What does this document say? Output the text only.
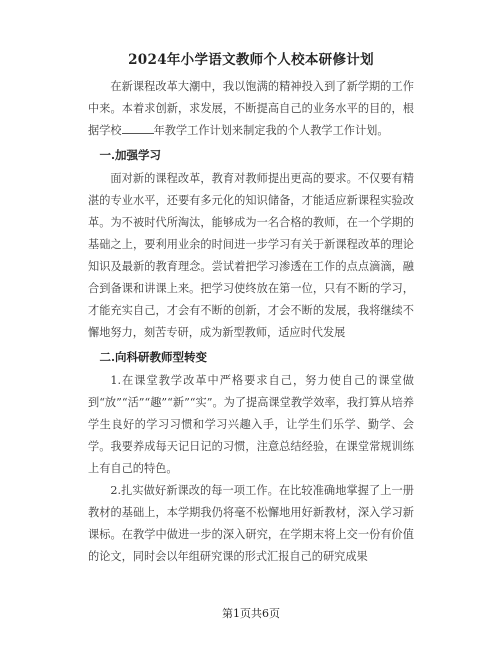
2024年小学语文教师个人校本研修计划

在新课程改革大潮中，我以饱满的精神投入到了新学期的工作中来。本着求创新，求发展，不断提高自己的业务水平的目的，根据学校	年教学工作计划来制定我的个人教学工作计划。

一.加强学习

面对新的课程改革，教育对教师提出更高的要求。不仅要有精湛的专业水平，还要有多元化的知识储备，才能适应新课程实验改革。为不被时代所淘汰，能够成为一名合格的教师，在一个学期的基础之上，要利用业余的时间进一步学习有关于新课程改革的理论知识及最新的教育理念。尝试着把学习渗透在工作的点点滴滴，融合到备课和讲课上来。把学习使终放在第一位，只有不断的学习，才能充实自己，才会有不断的创新，才会不断的发展，我将继续不懈地努力，刻苦专研，成为新型教师，适应时代发展

二.向科研教师型转变

1.在课堂教学改革中严格要求自己，努力使自己的课堂做到“放”“活”“趣”“新”“实”。为了提高课堂教学效率，我打算从培养学生良好的学习习惯和学习兴趣入手，让学生们乐学、勤学、会学。我要养成每天记日记的习惯，注意总结经验，在课堂常规训练上有自己的特色。

2.扎实做好新课改的每一项工作。在比较准确地掌握了上一册教材的基础上，本学期我仍将毫不松懈地用好新教材，深入学习新课标。在教学中做进一步的深入研究，在学期末将上交一份有价值的论文，同时会以年组研究课的形式汇报自己的研究成果

第1页共6页
